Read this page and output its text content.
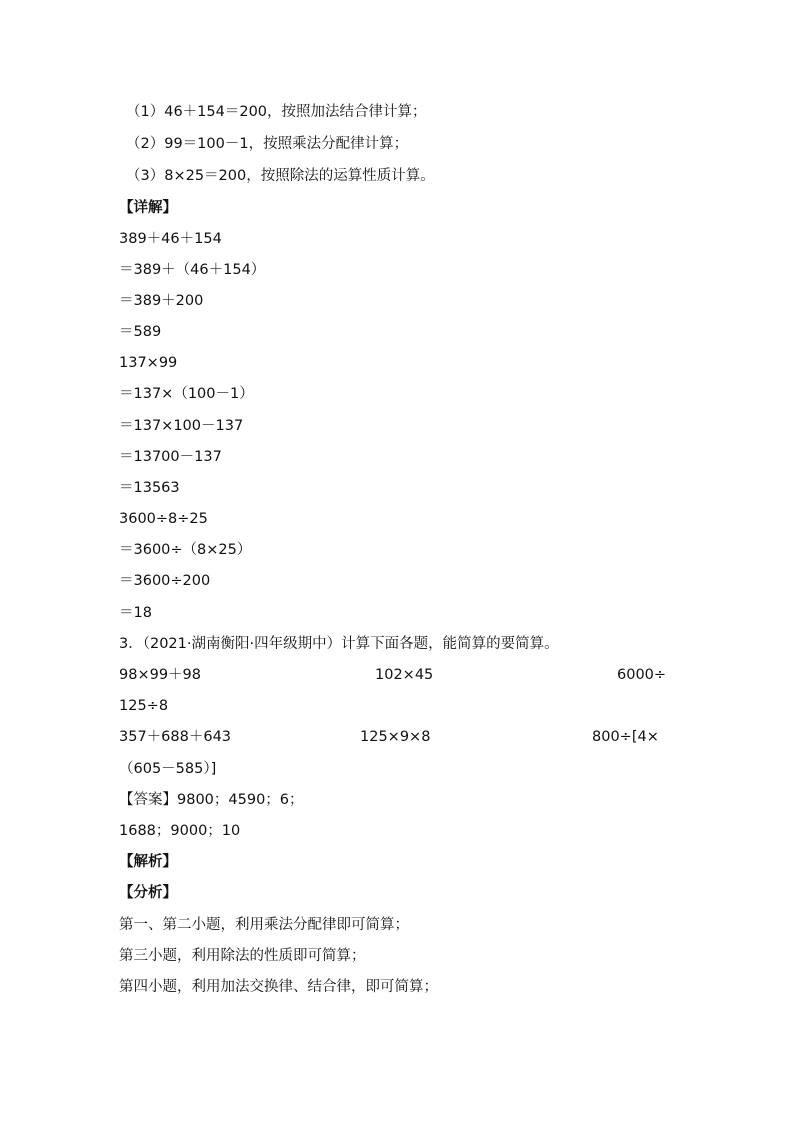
（1）46＋154＝200，按照加法结合律计算；
（2）99＝100－1，按照乘法分配律计算；
（3）8×25＝200，按照除法的运算性质计算。
【详解】
389＋46＋154
＝389＋（46＋154）
＝389＋200
＝589
137×99
＝137×（100－1）
＝137×100－137
＝13700－137
＝13563
3600÷8÷25
＝3600÷（8×25）
＝3600÷200
＝18
3．（2021·湖南衡阳·四年级期中）计算下面各题，能简算的要简算。
98×99＋98	102×45	6000÷
125÷8
357＋688＋643	125×9×8	800÷[4×
（605－585）]
【答案】9800；4590；6；
1688；9000；10
【解析】
【分析】
第一、第二小题，利用乘法分配律即可简算；
第三小题，利用除法的性质即可简算；
第四小题，利用加法交换律、结合律，即可简算；
